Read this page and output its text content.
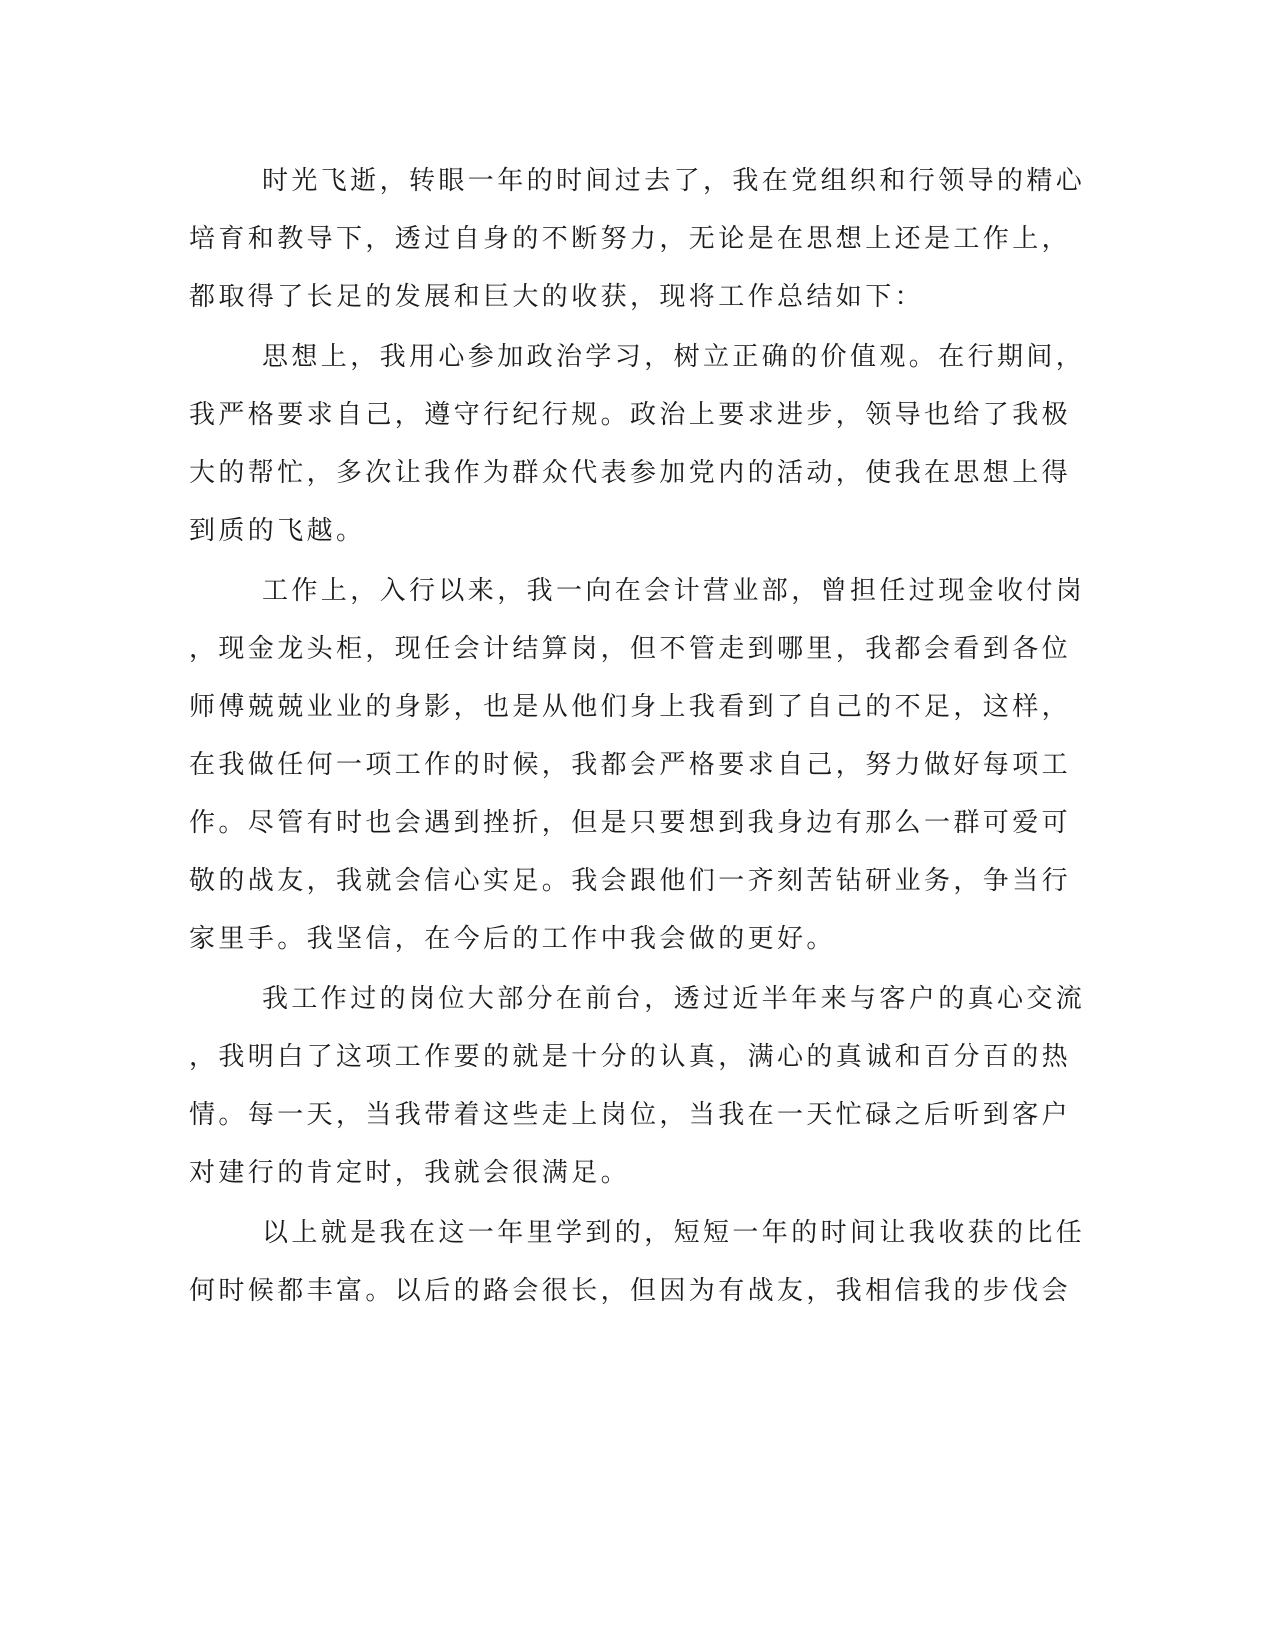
时光飞逝，转眼一年的时间过去了，我在党组织和行领导的精心
培育和教导下，透过自身的不断努力，无论是在思想上还是工作上，
都取得了长足的发展和巨大的收获，现将工作总结如下：
思想上，我用心参加政治学习，树立正确的价值观。在行期间，
我严格要求自己，遵守行纪行规。政治上要求进步，领导也给了我极
大的帮忙，多次让我作为群众代表参加党内的活动，使我在思想上得
到质的飞越。
工作上，入行以来，我一向在会计营业部，曾担任过现金收付岗
，现金龙头柜，现任会计结算岗，但不管走到哪里，我都会看到各位
师傅兢兢业业的身影，也是从他们身上我看到了自己的不足，这样，
在我做任何一项工作的时候，我都会严格要求自己，努力做好每项工
作。尽管有时也会遇到挫折，但是只要想到我身边有那么一群可爱可
敬的战友，我就会信心实足。我会跟他们一齐刻苦钻研业务，争当行
家里手。我坚信，在今后的工作中我会做的更好。
我工作过的岗位大部分在前台，透过近半年来与客户的真心交流
，我明白了这项工作要的就是十分的认真，满心的真诚和百分百的热
情。每一天，当我带着这些走上岗位，当我在一天忙碌之后听到客户
对建行的肯定时，我就会很满足。
以上就是我在这一年里学到的，短短一年的时间让我收获的比任
何时候都丰富。以后的路会很长，但因为有战友，我相信我的步伐会
